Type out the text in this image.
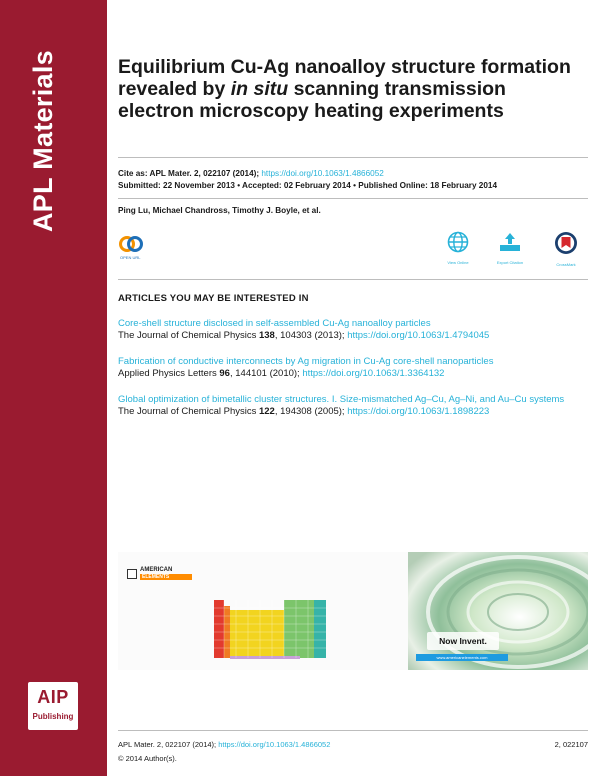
APL Materials
AIP
Publishing
Equilibrium Cu-Ag nanoalloy structure formation revealed by in situ scanning transmission electron microscopy heating experiments
Cite as: APL Mater. 2, 022107 (2014); https://doi.org/10.1063/1.4866052
Submitted: 22 November 2013 • Accepted: 02 February 2014 • Published Online: 18 February 2014
Ping Lu, Michael Chandross, Timothy J. Boyle, et al.
OPEN URL
View Online	Export Citation	CrossMark
ARTICLES YOU MAY BE INTERESTED IN
Core-shell structure disclosed in self-assembled Cu-Ag nanoalloy particles
The Journal of Chemical Physics 138, 104303 (2013); https://doi.org/10.1063/1.4794045
Fabrication of conductive interconnects by Ag migration in Cu-Ag core-shell nanoparticles
Applied Physics Letters 96, 144101 (2010); https://doi.org/10.1063/1.3364132
Global optimization of bimetallic cluster structures. I. Size-mismatched Ag–Cu, Ag–Ni, and Au–Cu systems
The Journal of Chemical Physics 122, 194308 (2005); https://doi.org/10.1063/1.1898223
AMERICAN
ELEMENTS
Now Invent.
www.americanelements.com
APL Mater. 2, 022107 (2014); https://doi.org/10.1063/1.4866052	2, 022107
© 2014 Author(s).
